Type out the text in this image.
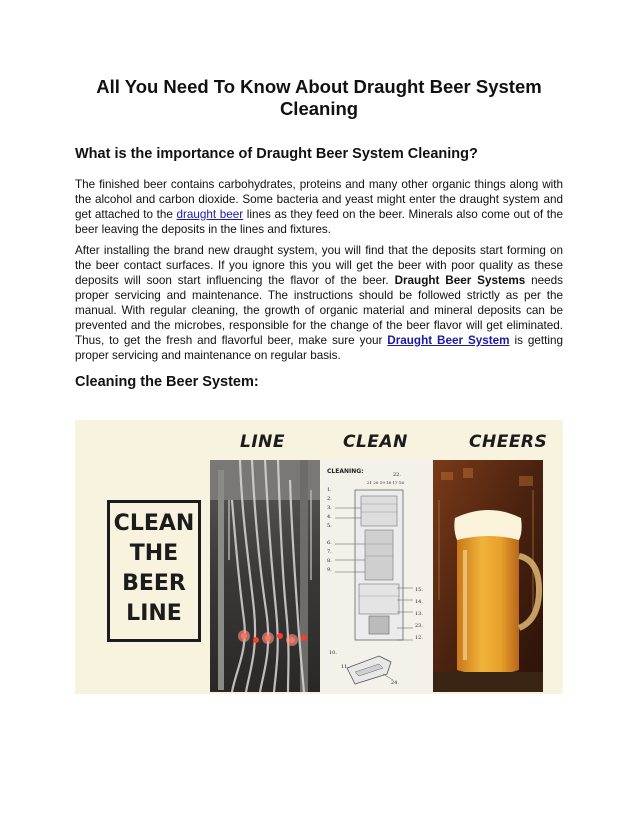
All You Need To Know About Draught Beer System Cleaning
What is the importance of Draught Beer System Cleaning?

The finished beer contains carbohydrates, proteins and many other organic things along with the alcohol and carbon dioxide. Some bacteria and yeast might enter the draught system and get attached to the draught beer lines as they feed on the beer. Minerals also come out of the beer leaving the deposits in the lines and fixtures.

After installing the brand new draught system, you will find that the deposits start forming on the beer contact surfaces. If you ignore this you will get the beer with poor quality as these deposits will soon start influencing the flavor of the beer. Draught Beer Systems needs proper servicing and maintenance. The instructions should be followed strictly as per the manual. With regular cleaning, the growth of organic material and mineral deposits can be prevented and the microbes, responsible for the change of the beer flavor will get eliminated. Thus, to get the fresh and flavorful beer, make sure your Draught Beer System is getting proper servicing and maintenance on regular basis.

Cleaning the Beer System:
LINE	CLEAN	CHEERS
CLEAN
THE
BEER
LINE
CLEANING:	22.
21 20 19 18 17 16
1.
2.
3.
4.
5.
6.
7.
8.
9.
15.
14.
13.
23.
12.
10.
11.
24.
